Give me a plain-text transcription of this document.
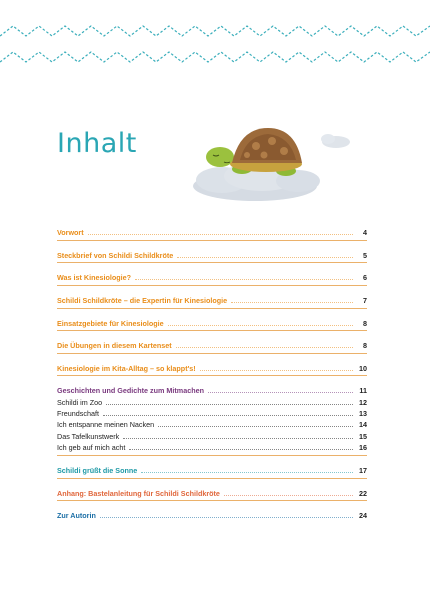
Inhalt
Vorwort	4
Steckbrief von Schildi Schildkröte	5
Was ist Kinesiologie?	6
Schildi Schildkröte – die Expertin für Kinesiologie	7
Einsatzgebiete für Kinesiologie	8
Die Übungen in diesem Kartenset	8
Kinesiologie im Kita-Alltag – so klappt's!	10
Geschichten und Gedichte zum Mitmachen	11
Schildi im Zoo	12
Freundschaft	13
Ich entspanne meinen Nacken	14
Das Tafelkunstwerk	15
Ich geb auf mich acht	16
Schildi grüßt die Sonne	17
Anhang: Bastelanleitung für Schildi Schildkröte	22
Zur Autorin	24
